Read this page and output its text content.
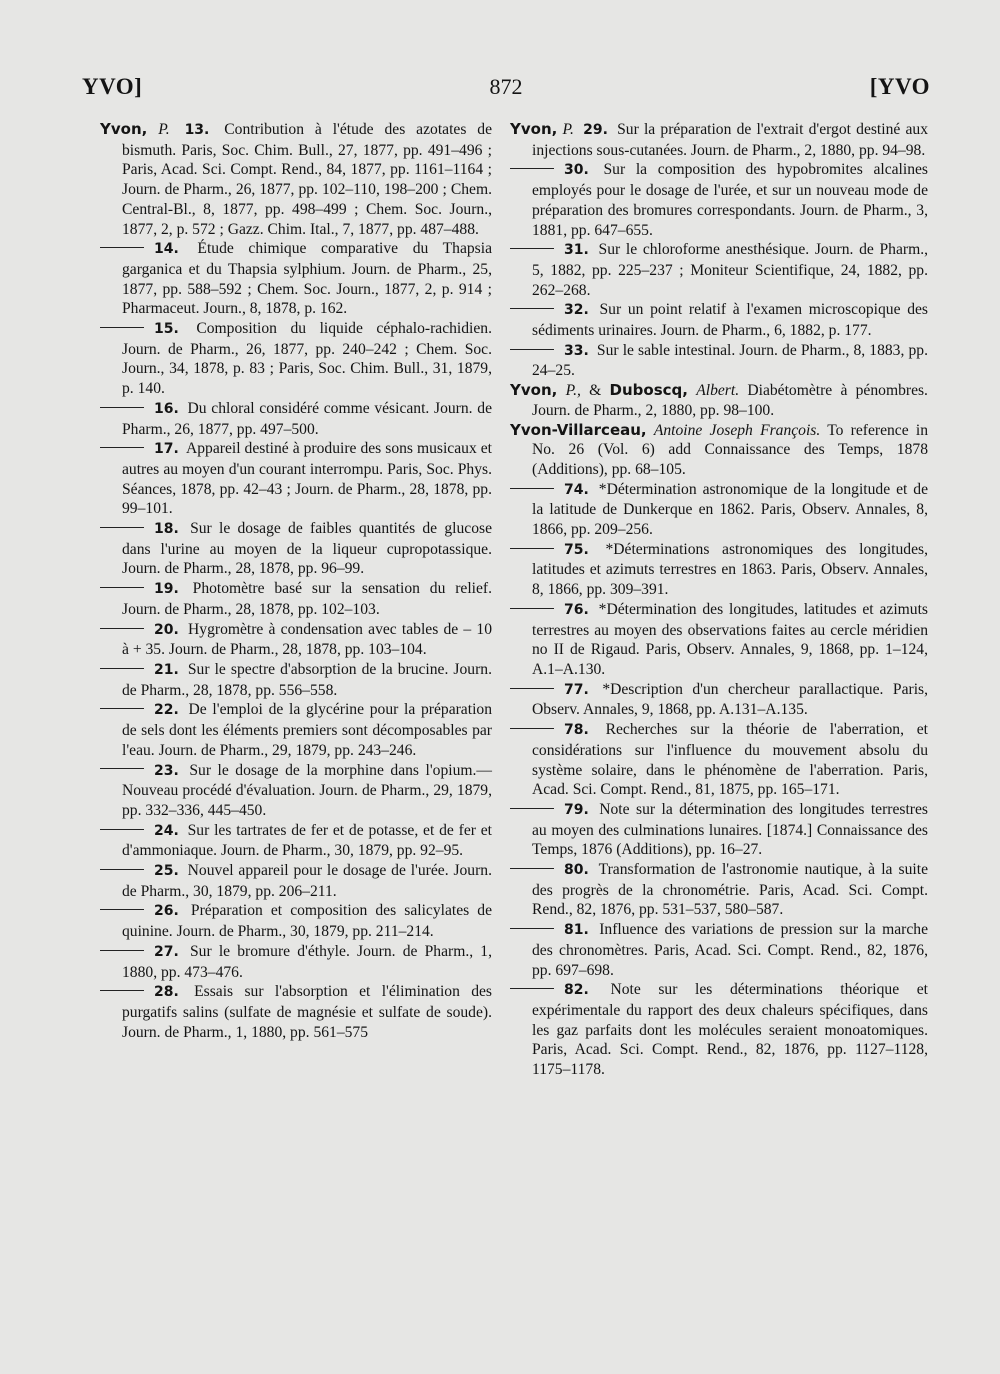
YVO]	872	[YVO

Yvon, P. 13. Contribution à l'étude des azotates de bismuth. Paris, Soc. Chim. Bull., 27, 1877, pp. 491–496 ; Paris, Acad. Sci. Compt. Rend., 84, 1877, pp. 1161–1164 ; Journ. de Pharm., 26, 1877, pp. 102–110, 198–200 ; Chem. Central-Bl., 8, 1877, pp. 498–499 ; Chem. Soc. Journ., 1877, 2, p. 572 ; Gazz. Chim. Ital., 7, 1877, pp. 487–488.

14. Étude chimique comparative du Thapsia garganica et du Thapsia sylphium. Journ. de Pharm., 25, 1877, pp. 588–592 ; Chem. Soc. Journ., 1877, 2, p. 914 ; Pharmaceut. Journ., 8, 1878, p. 162.

15. Composition du liquide céphalo-rachidien. Journ. de Pharm., 26, 1877, pp. 240–242 ; Chem. Soc. Journ., 34, 1878, p. 83 ; Paris, Soc. Chim. Bull., 31, 1879, p. 140.

16. Du chloral considéré comme vésicant. Journ. de Pharm., 26, 1877, pp. 497–500.

17. Appareil destiné à produire des sons musicaux et autres au moyen d'un courant interrompu. Paris, Soc. Phys. Séances, 1878, pp. 42–43 ; Journ. de Pharm., 28, 1878, pp. 99–101.

18. Sur le dosage de faibles quantités de glucose dans l'urine au moyen de la liqueur cupropotassique. Journ. de Pharm., 28, 1878, pp. 96–99.

19. Photomètre basé sur la sensation du relief. Journ. de Pharm., 28, 1878, pp. 102–103.

20. Hygromètre à condensation avec tables de – 10 à + 35. Journ. de Pharm., 28, 1878, pp. 103–104.

21. Sur le spectre d'absorption de la brucine. Journ. de Pharm., 28, 1878, pp. 556–558.

22. De l'emploi de la glycérine pour la préparation de sels dont les éléments premiers sont décomposables par l'eau. Journ. de Pharm., 29, 1879, pp. 243–246.

23. Sur le dosage de la morphine dans l'opium.—Nouveau procédé d'évaluation. Journ. de Pharm., 29, 1879, pp. 332–336, 445–450.

24. Sur les tartrates de fer et de potasse, et de fer et d'ammoniaque. Journ. de Pharm., 30, 1879, pp. 92–95.

25. Nouvel appareil pour le dosage de l'urée. Journ. de Pharm., 30, 1879, pp. 206–211.

26. Préparation et composition des salicylates de quinine. Journ. de Pharm., 30, 1879, pp. 211–214.

27. Sur le bromure d'éthyle. Journ. de Pharm., 1, 1880, pp. 473–476.

28. Essais sur l'absorption et l'élimination des purgatifs salins (sulfate de magnésie et sulfate de soude). Journ. de Pharm., 1, 1880, pp. 561–575

Yvon, P. 29. Sur la préparation de l'extrait d'ergot destiné aux injections sous-cutanées. Journ. de Pharm., 2, 1880, pp. 94–98.

30. Sur la composition des hypobromites alcalines employés pour le dosage de l'urée, et sur un nouveau mode de préparation des bromures correspondants. Journ. de Pharm., 3, 1881, pp. 647–655.

31. Sur le chloroforme anesthésique. Journ. de Pharm., 5, 1882, pp. 225–237 ; Moniteur Scientifique, 24, 1882, pp. 262–268.

32. Sur un point relatif à l'examen microscopique des sédiments urinaires. Journ. de Pharm., 6, 1882, p. 177.

33. Sur le sable intestinal. Journ. de Pharm., 8, 1883, pp. 24–25.

Yvon, P., & Duboscq, Albert. Diabétomètre à pénombres. Journ. de Pharm., 2, 1880, pp. 98–100.

Yvon-Villarceau, Antoine Joseph François. To reference in No. 26 (Vol. 6) add Connaissance des Temps, 1878 (Additions), pp. 68–105.

74. *Détermination astronomique de la longitude et de la latitude de Dunkerque en 1862. Paris, Observ. Annales, 8, 1866, pp. 209–256.

75. *Déterminations astronomiques des longitudes, latitudes et azimuts terrestres en 1863. Paris, Observ. Annales, 8, 1866, pp. 309–391.

76. *Détermination des longitudes, latitudes et azimuts terrestres au moyen des observations faites au cercle méridien no II de Rigaud. Paris, Observ. Annales, 9, 1868, pp. 1–124, A.1–A.130.

77. *Description d'un chercheur parallactique. Paris, Observ. Annales, 9, 1868, pp. A.131–A.135.

78. Recherches sur la théorie de l'aberration, et considérations sur l'influence du mouvement absolu du système solaire, dans le phénomène de l'aberration. Paris, Acad. Sci. Compt. Rend., 81, 1875, pp. 165–171.

79. Note sur la détermination des longitudes terrestres au moyen des culminations lunaires. [1874.] Connaissance des Temps, 1876 (Additions), pp. 16–27.

80. Transformation de l'astronomie nautique, à la suite des progrès de la chronométrie. Paris, Acad. Sci. Compt. Rend., 82, 1876, pp. 531–537, 580–587.

81. Influence des variations de pression sur la marche des chronomètres. Paris, Acad. Sci. Compt. Rend., 82, 1876, pp. 697–698.

82. Note sur les déterminations théorique et expérimentale du rapport des deux chaleurs spécifiques, dans les gaz parfaits dont les molécules seraient monoatomiques. Paris, Acad. Sci. Compt. Rend., 82, 1876, pp. 1127–1128, 1175–1178.
